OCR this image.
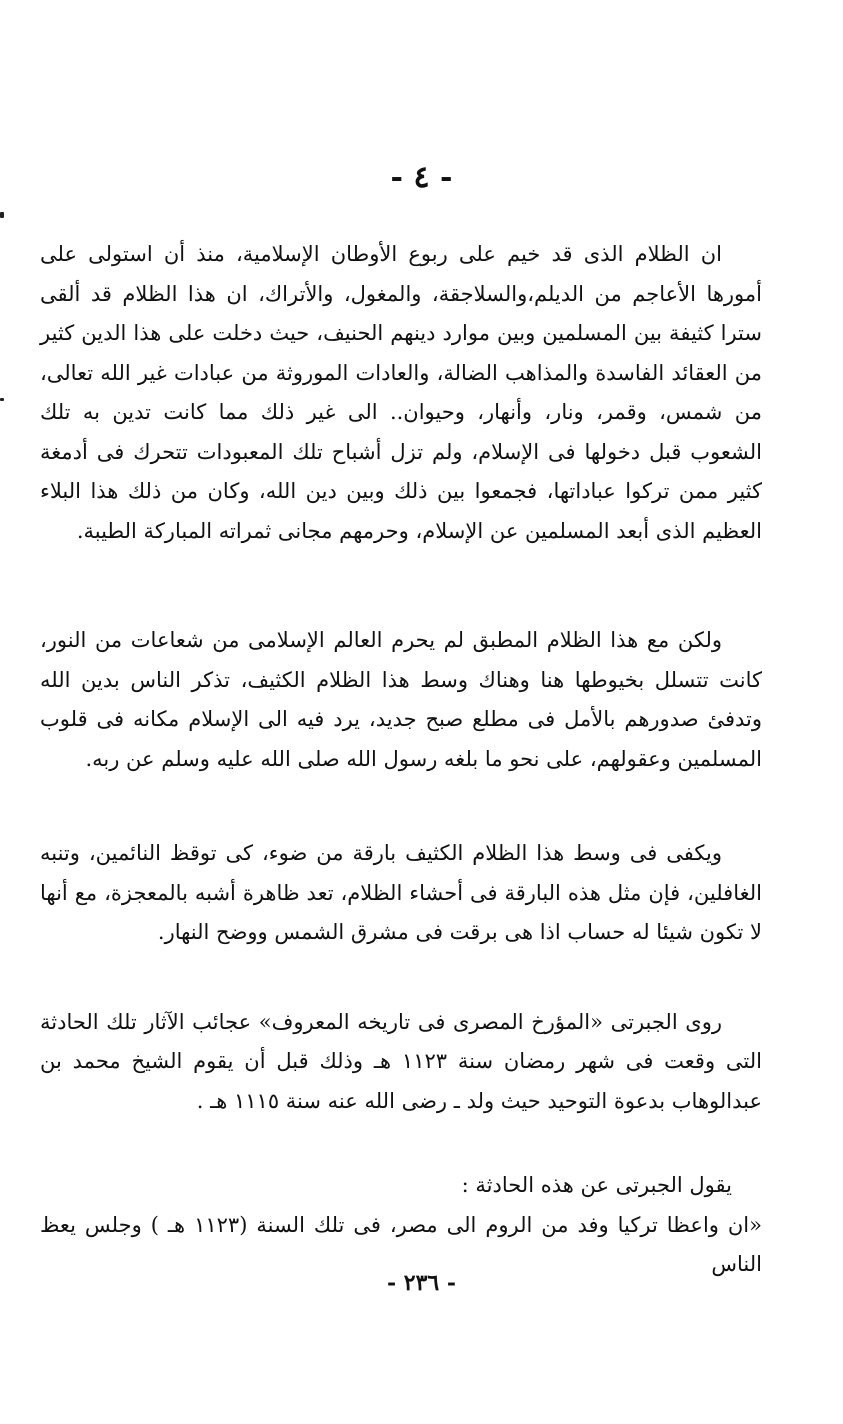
- ٤ -

ان الظلام الذى قد خيم على ربوع الأوطان الإسلامية، منذ أن استولى على أمورها الأعاجم من الديلم،والسلاجقة، والمغول، والأتراك، ان هذا الظلام قد ألقى سترا كثيفة بين المسلمين وبين موارد دينهم الحنيف، حيث دخلت على هذا الدين كثير من العقائد الفاسدة والمذاهب الضالة، والعادات الموروثة من عبادات غير الله تعالى، من شمس، وقمر، ونار، وأنهار، وحيوان.. الى غير ذلك مما كانت تدين به تلك الشعوب قبل دخولها فى الإسلام، ولم تزل أشباح تلك المعبودات تتحرك فى أدمغة كثير ممن تركوا عباداتها، فجمعوا بين ذلك وبين دين الله، وكان من ذلك هذا البلاء العظيم الذى أبعد المسلمين عن الإسلام، وحرمهم مجانى ثمراته المباركة الطيبة.

ولكن مع هذا الظلام المطبق لم يحرم العالم الإسلامى من شعاعات من النور، كانت تتسلل بخيوطها هنا وهناك وسط هذا الظلام الكثيف، تذكر الناس بدين الله وتدفئ صدورهم بالأمل فى مطلع صبح جديد، يرد فيه الى الإسلام مكانه فى قلوب المسلمين وعقولهم، على نحو ما بلغه رسول الله صلى الله عليه وسلم عن ربه.

ويكفى فى وسط هذا الظلام الكثيف بارقة من ضوء، كى توقظ النائمين، وتنبه الغافلين، فإن مثل هذه البارقة فى أحشاء الظلام، تعد ظاهرة أشبه بالمعجزة، مع أنها لا تكون شيئا له حساب اذا هى برقت فى مشرق الشمس ووضح النهار.

روى الجبرتى «المؤرخ المصرى فى تاريخه المعروف» عجائب الآثار تلك الحادثة التى وقعت فى شهر رمضان سنة ١١٢٣ هـ وذلك قبل أن يقوم الشيخ محمد بن عبدالوهاب بدعوة التوحيد حيث ولد ـ رضى الله عنه سنة ١١١٥ هـ .

يقول الجبرتى عن هذه الحادثة :

«ان واعظا تركيا وفد من الروم الى مصر، فى تلك السنة (١١٢٣ هـ ) وجلس يعظ الناس

- ٢٣٦ -
